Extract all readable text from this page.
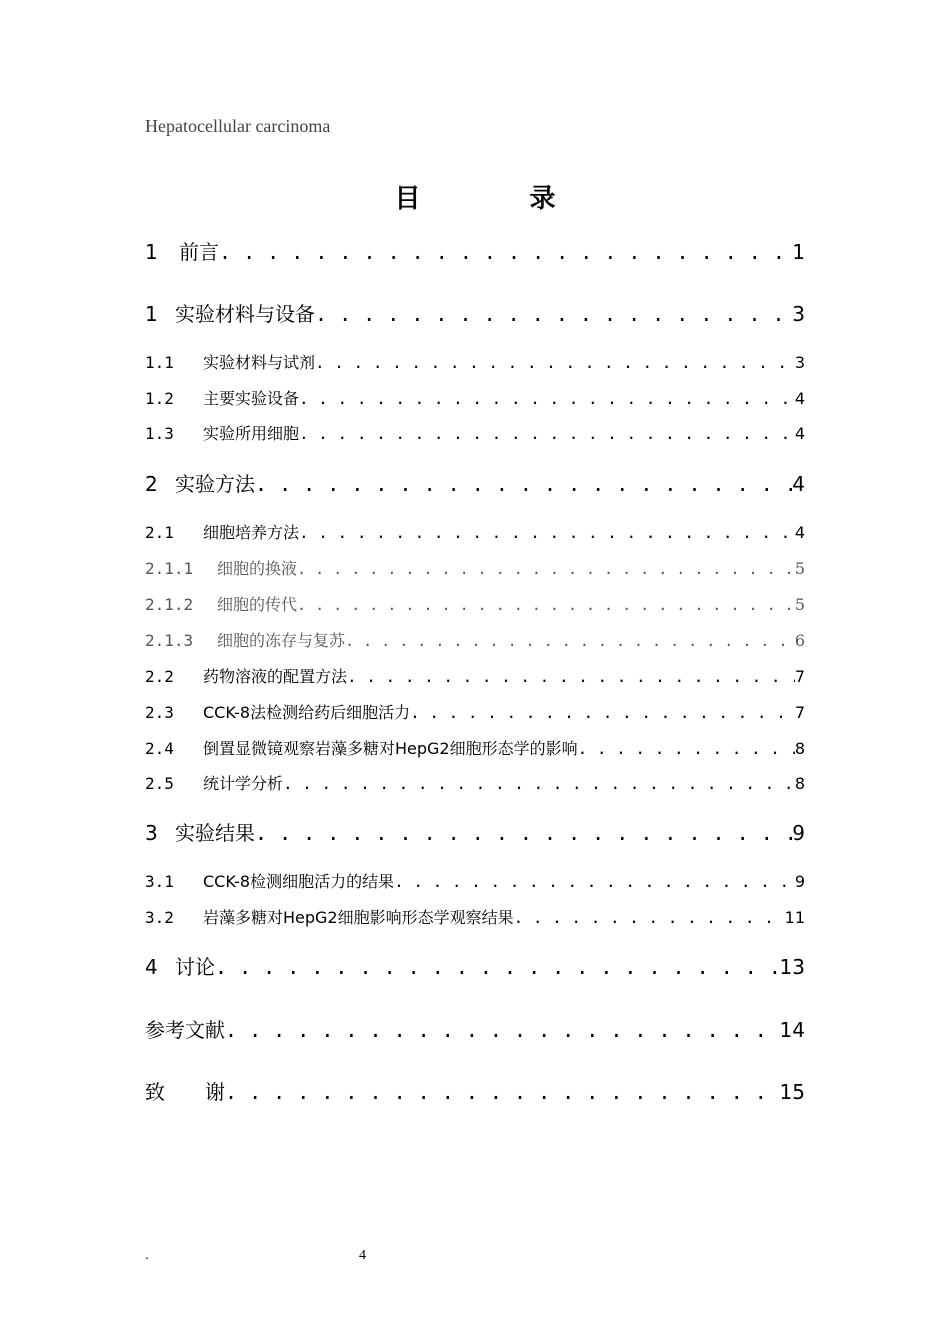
Hepatocellular carcinoma
目 录
1	前言 . . .	1
1 实验材料与设备 . . .	3
1.1	实验材料与试剂 . . .	3
1.2	主要实验设备 . . .	4
1.3	实验所用细胞 . . .	4
2 实验方法 . . .	4
2.1	细胞培养方法 . . .	4
2.1.1	细胞的换液 . . .	5
2.1.2	细胞的传代 . . .	5
2.1.3	细胞的冻存与复苏 . . .	6
2.2	药物溶液的配置方法 . . .	7
2.3	CCK-8法检测给药后细胞活力 . . .	7
2.4	倒置显微镜观察岩藻多糖对HepG2细胞形态学的影响 . . .	8
2.5	统计学分析 . . .	8
3 实验结果 . . .	9
3.1	CCK-8检测细胞活力的结果 . . .	9
3.2	岩藻多糖对HepG2细胞影响形态学观察结果 . . .	11
4 讨论 . . .	13
参考文献 . . .	14
致　　谢 . . .	15
.	4
